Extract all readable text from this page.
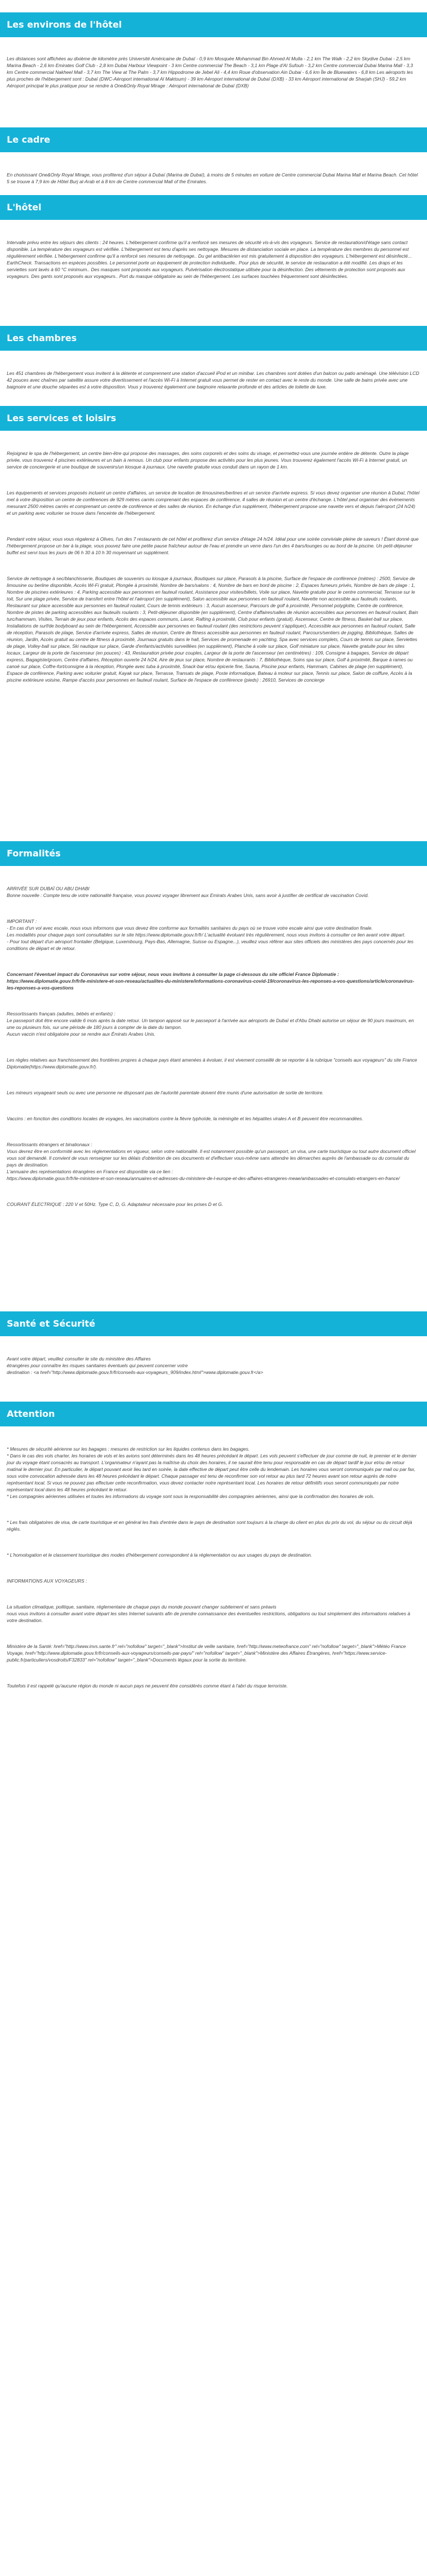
Les environs de l'hôtel

Les distances sont affichées au dixième de kilomètre près Université Américaine de Dubaï - 0,9 km Mosquée Mohammad Bin Ahmed Al Mulla - 2,1 km The Walk - 2,2 km Skydive Dubai - 2,5 km Marina Beach - 2,6 km Emirates Golf Club - 2,8 km Dubai Harbour Viewpoint - 3 km Centre commercial The Beach - 3,1 km Plage d'Al Sufouh - 3,2 km Centre commercial Dubai Marina Mall - 3,3 km Centre commercial Nakheel Mall - 3,7 km The View at The Palm - 3,7 km Hippodrome de Jebel Ali - 4,4 km Roue d'observation Ain Dubai - 6,6 km Île de Bluewaters - 6,8 km Les aéroports les plus proches de l'hébergement sont : Dubaï (DWC-Aéroport international Al Maktoum) - 39 km Aéroport international de Dubaï (DXB) - 33 km Aéroport international de Sharjah (SHJ) - 59,2 km Aéroport principal le plus pratique pour se rendre à One&Only Royal Mirage : Aéroport international de Dubaï (DXB)

Le cadre

En choisissant One&Only Royal Mirage, vous profiterez d'un séjour à Dubaï (Marina de Dubaï), à moins de 5 minutes en voiture de Centre commercial Dubai Marina Mall et Marina Beach. Cet hôtel 5 se trouve à 7,9 km de Hôtel Burj al-Arab et à 8 km de Centre commercial Mall of the Emirates.

L'hôtel

Intervalle prévu entre les séjours des clients : 24 heures. L'hébergement confirme qu'il a renforcé ses mesures de sécurité vis-à-vis des voyageurs. Service de restauration/d'étage sans contact disponible. La température des voyageurs est vérifiée. L'hébergement est tenu d'après ses nettoyage. Mesures de distanciation sociale en place. La température des membres du personnel est régulièrement vérifiée. L'hébergement confirme qu'il a renforcé ses mesures de nettoyage.. Du gel antibactérien est mis gratuitement à disposition des voyageurs. L'hébergement est désinfecté... EarthCheck. Transactions en espèces possibles. Le personnel porte un équipement de protection individuelle.. Pour plus de sécurité, le service de restauration a été modifié. Les draps et les serviettes sont lavés à 60 °C minimum.. Des masques sont proposés aux voyageurs. Pulvérisation électrostatique utilisée pour la désinfection. Des vêtements de protection sont proposés aux voyageurs. Des gants sont proposés aux voyageurs.. Port du masque obligatoire au sein de l'hébergement. Les surfaces touchées fréquemment sont désinfectées.

Les chambres

Les 451 chambres de l'hébergement vous invitent à la détente et comprennent une station d'accueil iPod et un minibar. Les chambres sont dotées d'un balcon ou patio aménagé. Une télévision LCD 42 pouces avec chaînes par satellite assure votre divertissement et l'accès Wi-Fi à Internet gratuit vous permet de rester en contact avec le reste du monde. Une salle de bains privée avec une baignoire et une douche séparées est à votre disposition. Vous y trouverez également une baignoire relaxante profonde et des articles de toilette de luxe.

Les services et loisirs

Rejoignez le spa de l'hébergement, un centre bien-être qui propose des massages, des soins corporels et des soins du visage, et permettez-vous une journée entière de détente. Outre la plage privée, vous trouverez 4 piscines extérieures et un bain à remous. Un club pour enfants propose des activités pour les plus jeunes. Vous trouverez également l'accès Wi-Fi à Internet gratuit, un service de conciergerie et une boutique de souvenirs/un kiosque à journaux. Une navette gratuite vous conduit dans un rayon de 1 km.

Les équipements et services proposés incluent un centre d'affaires, un service de location de limousines/berlines et un service d'arrivée express. Si vous devez organiser une réunion à Dubaï, l'hôtel met à votre disposition un centre de conférences de 929 mètres carrés comprenant des espaces de conférence, 4 salles de réunion et un centre d'échange. L'hôtel peut organiser des événements mesurant 2500 mètres carrés et comprenant un centre de conférence et des salles de réunion. En échange d'un supplément, l'hébergement propose une navette vers et depuis l'aéroport (24 h/24) et un parking avec voiturier se trouve dans l'enceinte de l'hébergement.

Pendant votre séjour, vous vous régalerez à Olives, l'un des 7 restaurants de cet hôtel et profiterez d'un service d'étage 24 h/24. Idéal pour une soirée conviviale pleine de saveurs ! Étant donné que l'hébergement propose un bar à la plage, vous pouvez faire une petite pause fraîcheur autour de l'eau et prendre un verre dans l'un des 4 bars/lounges ou au bord de la piscine. Un petit-déjeuner buffet est servi tous les jours de 06 h 30 à 10 h 30 moyennant un supplément.

Service de nettoyage à sec/blanchisserie, Boutiques de souvenirs ou kiosque à journaux, Boutiques sur place, Parasols à la piscine, Surface de l'espace de conférence (mètres) : 2500, Service de limousine ou berline disponible, Accès Wi-Fi gratuit, Plongée à proximité, Nombre de bars/salons : 4, Nombre de bars en bord de piscine : 2, Espaces fumeurs privés, Nombre de bars de plage : 1, Nombre de piscines extérieures : 4, Parking accessible aux personnes en fauteuil roulant, Assistance pour visites/billets, Voile sur place, Navette gratuite pour le centre commercial, Terrasse sur le toit, Sur une plage privée, Service de transfert entre l'hôtel et l'aéroport (en supplément), Salon accessible aux personnes en fauteuil roulant, Navette non accessible aux fauteuils roulants, Restaurant sur place accessible aux personnes en fauteuil roulant, Cours de tennis extérieurs : 3, Aucun ascenseur, Parcours de golf à proximité, Personnel polyglotte, Centre de conférence, Nombre de pistes de parking accessibles aux fauteuils roulants : 3, Petit-déjeuner disponible (en supplément), Centre d'affaires/salles de réunion accessibles aux personnes en fauteuil roulant, Bain turc/hammam, Visites, Terrain de jeux pour enfants, Accès des espaces communs, Lavoir, Rafting à proximité, Club pour enfants (gratuit), Ascenseur, Centre de fitness, Basket-ball sur place, Installations de surf/de bodyboard au sein de l'hébergement, Accessible aux personnes en fauteuil roulant (des restrictions peuvent s'appliquer), Accessible aux personnes en fauteuil roulant, Salle de réception, Parasols de plage, Service d'arrivée express, Salles de réunion, Centre de fitness accessible aux personnes en fauteuil roulant, Parcours/sentiers de jogging, Bibliothèque, Salles de réunion, Jardin, Accès gratuit au centre de fitness à proximité, Journaux gratuits dans le hall, Services de promenade en yachting, Spa avec services complets, Cours de tennis sur place, Serviettes de plage, Volley-ball sur place, Ski nautique sur place, Garde d'enfants/activités surveillées (en supplément), Planche à voile sur place, Golf miniature sur place, Navette gratuite pour les sites locaux, Largeur de la porte de l'ascenseur (en pouces) : 43, Restauration privée pour couples, Largeur de la porte de l'ascenseur (en centimètres) : 109, Consigne à bagages, Service de départ express, Bagagiste/groom, Centre d'affaires, Réception ouverte 24 h/24, Aire de jeux sur place, Nombre de restaurants : 7, Bibliothèque, Soins spa sur place, Golf à proximité, Barque à rames ou canoë sur place, Coffre-fort/consigne à la réception, Plongée avec tuba à proximité, Snack-bar et/ou épicerie fine, Sauna, Piscine pour enfants, Hammam, Cabines de plage (en supplément), Espace de conférence, Parking avec voiturier gratuit, Kayak sur place, Terrasse, Transats de plage, Poste informatique, Bateau à moteur sur place, Tennis sur place, Salon de coiffure, Accès à la piscine extérieure voisine, Rampe d'accès pour personnes en fauteuil roulant, Surface de l'espace de conférence (pieds) : 26910, Services de concierge

Formalités

ARRIVÉE SUR DUBAÏ OU ABU DHABI
Bonne nouvelle : Compte tenu de votre nationalité française, vous pouvez voyager librement aux Emirats Arabes Unis, sans avoir à justifier de certificat de vaccination Covid.

IMPORTANT :
- En cas d'un vol avec escale, nous vous informons que vous devez être conforme aux formalités sanitaires du pays où se trouve votre escale ainsi que votre destination finale.
Les modalités pour chaque pays sont consultables sur le site https://www.diplomatie.gouv.fr/fr/ L'actualité évoluant très régulièrement, nous vous invitons à consulter ce lien avant votre départ.
- Pour tout départ d'un aéroport frontalier (Belgique, Luxembourg, Pays-Bas, Allemagne, Suisse ou Espagne...), veuillez vous référer aux sites officiels des ministères des pays concernés pour les conditions de départ et de retour.

Concernant l'éventuel impact du Coronavirus sur votre séjour, nous vous invitons à consulter la page ci-dessous du site officiel France Diplomatie :
https://www.diplomatie.gouv.fr/fr/le-ministere-et-son-reseau/actualites-du-ministere/informations-coronavirus-covid-19/coronavirus-les-reponses-a-vos-questions/article/coronavirus-les-reponses-a-vos-questions

Ressortissants français (adultes, bébés et enfants) :
Le passeport doit être encore valide 6 mois après la date retour. Un tampon apposé sur le passeport à l'arrivée aux aéroports de Dubaï et d'Abu Dhabi autorise un séjour de 90 jours maximum, en une ou plusieurs fois, sur une période de 180 jours à compter de la date du tampon.
Aucun vaccin n'est obligatoire pour se rendre aux Émirats Arabes Unis.

Les règles relatives aux franchissement des frontières propres à chaque pays étant amenées à évoluer, il est vivement conseillé de se reporter à la rubrique "conseils aux voyageurs" du site France Diplomatie(https://www.diplomatie.gouv.fr/).

Les mineurs voyageant seuls ou avec une personne ne disposant pas de l'autorité parentale doivent être munis d'une autorisation de sortie de territoire.

Vaccins : en fonction des conditions locales de voyages, les vaccinations contre la fièvre typhoïde, la méningite et les hépatites virales A et B peuvent être recommandées.

Ressortissants étrangers et binationaux :
Vous devrez être en conformité avec les réglementations en vigueur, selon votre nationalité. Il est notamment possible qu'un passeport, un visa, une carte touristique ou tout autre document officiel vous soit demandé. Il convient de vous renseigner sur les délais d'obtention de ces documents et d'effectuer vous-même sans attendre les démarches auprès de l'ambassade ou du consulat du pays de destination.
L'annuaire des représentations étrangères en France est disponible via ce lien :
https://www.diplomatie.gouv.fr/fr/le-ministere-et-son-reseau/annuaires-et-adresses-du-ministere-de-l-europe-et-des-affaires-etrangeres-meae/ambassades-et-consulats-etrangers-en-france/

COURANT ÉLECTRIQUE : 220 V et 50Hz. Type C, D, G. Adaptateur nécessaire pour les prises D et G.

Santé et Sécurité

Avant votre départ, veuillez consulter le site du ministère des Affaires
étrangères pour connaître les risques sanitaires éventuels qui peuvent concerner votre
destination : <a href="http://www.diplomatie.gouv.fr/fr/conseils-aux-voyageurs_909/index.html">www.diplomatie.gouv.fr</a>

Attention

* Mesures de sécurité aérienne sur les bagages : mesures de restriction sur les liquides contenus dans les bagages.
* Dans le cas des vols charter, les horaires de vols et les avions sont déterminés dans les 48 heures précédant le départ. Les vols peuvent s'effectuer de jour comme de nuit, le premier et le dernier jour du voyage étant consacrés au transport. L'organisateur n'ayant pas la maîtrise du choix des horaires, il ne saurait être tenu pour responsable en cas de départ tardif le jour et/ou de retour matinal le dernier jour. En particulier, le départ pouvant avoir lieu tard en soirée, la date effective de départ peut être celle du lendemain. Les horaires vous seront communiqués par mail ou par fax, sous votre convocation adressée dans les 48 heures précédant le départ. Chaque passager est tenu de reconfirmer son vol retour au plus tard 72 heures avant son retour auprès de notre représentant local. Si vous ne pouvez pas effectuer cette reconfirmation, vous devez contacter notre représentant local. Les horaires de retour définitifs vous seront communiqués par notre représentant local dans les 48 heures précédant le retour.
* Les compagnies aériennes utilisées et toutes les informations du voyage sont sous la responsabilité des compagnies aériennes, ainsi que la confirmation des horaires de vols.

* Les frais obligatoires de visa, de carte touristique et en général les frais d'entrée dans le pays de destination sont toujours à la charge du client en plus du prix du vol, du séjour ou du circuit déjà réglés.

* L'homologation et le classement touristique des modes d'hébergement correspondent à la réglementation ou aux usages du pays de destination.

INFORMATIONS AUX VOYAGEURS :

La situation climatique, politique, sanitaire, réglementaire de chaque pays du monde pouvant changer subitement et sans préavis
nous vous invitons à consulter avant votre départ les sites Internet suivants afin de prendre connaissance des éventuelles restrictions, obligations ou tout simplement des informations relatives à votre destination.

Ministère de la Santé: href="http://www.invs.sante.fr" rel="nofollow" target="_blank">Institut de veille sanitaire, href="http://www.meteofrance.com" rel="nofollow" target="_blank">Météo France Voyage, href="http://www.diplomatie.gouv.fr/fr/conseils-aux-voyageurs/conseils-par-pays/" rel="nofollow" target="_blank">Ministère des Affaires Étrangères, href="https://www.service-public.fr/particuliers/vosdroits/F32833" rel="nofollow" target="_blank">Documents légaux pour la sortie du territoire.

Toutefois il est rappelé qu'aucune région du monde ni aucun pays ne peuvent être considérés comme étant à l'abri du risque terroriste.
